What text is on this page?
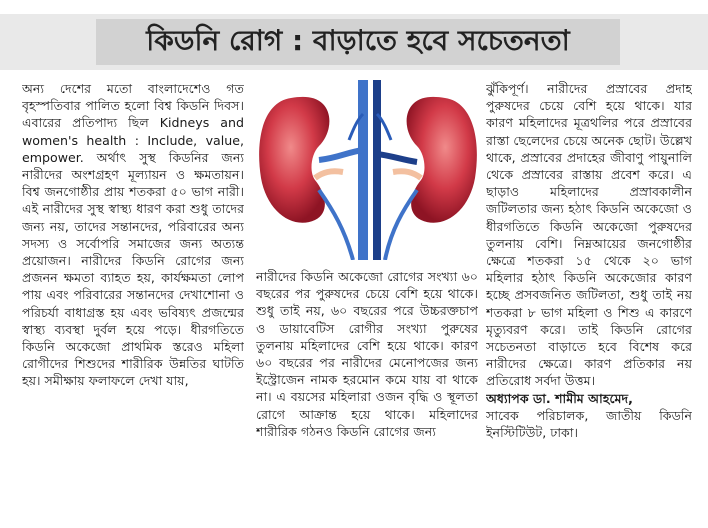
কিডনি রোগ : বাড়াতে হবে সচেতনতা

অন্য দেশের মতো বাংলাদেশেও গত বৃহস্পতিবার পালিত হলো বিশ্ব কিডনি দিবস। এবারের প্রতিপাদ্য ছিল Kidneys and women's health : Include, value, empower. অর্থাৎ সুস্থ কিডনির জন্য নারীদের অংশগ্রহণ মূল্যায়ন ও ক্ষমতায়ন। বিশ্ব জনগোষ্ঠীর প্রায় শতকরা ৫০ ভাগ নারী। এই নারীদের সুস্থ স্বাস্থ্য ধারণ করা শুধু তাদের জন্য নয়, তাদের সন্তানদের, পরিবারের অন্য সদস্য ও সর্বোপরি সমাজের জন্য অত্যন্ত প্রয়োজন। নারীদের কিডনি রোগের জন্য প্রজনন ক্ষমতা ব্যাহত হয়, কার্যক্ষমতা লোপ পায় এবং পরিবারের সন্তানদের দেখাশোনা ও পরিচর্যা বাধাগ্রস্ত হয় এবং ভবিষ্যৎ প্রজন্মের স্বাস্থ্য ব্যবস্থা দুর্বল হয়ে পড়ে। ধীরগতিতে কিডনি অকেজো প্রাথমিক স্তরেও মহিলা রোগীদের শিশুদের শারীরিক উন্নতির ঘাটতি হয়। সমীক্ষায় ফলাফলে দেখা যায়,

নারীদের কিডনি অকেজো রোগের সংখ্যা ৬০ বছরের পর পুরুষদের চেয়ে বেশি হয়ে থাকে। শুধু তাই নয়, ৬০ বছরের পরে উচ্চরক্তচাপ ও ডায়াবেটিস রোগীর সংখ্যা পুরুষের তুলনায় মহিলাদের বেশি হয়ে থাকে। কারণ ৬০ বছরের পর নারীদের মেনোপজের জন্য ইস্ট্রোজেন নামক হরমোন কমে যায় বা থাকে না। এ বয়সের মহিলারা ওজন বৃদ্ধি ও স্থূলতা রোগে আক্রান্ত হয়ে থাকে। মহিলাদের শারীরিক গঠনও কিডনি রোগের জন্য

ঝুঁকিপূর্ণ। নারীদের প্রস্রাবের প্রদাহ পুরুষদের চেয়ে বেশি হয়ে থাকে। যার কারণ মহিলাদের মূত্রথলির পরে প্রস্রাবের রাস্তা ছেলেদের চেয়ে অনেক ছোট। উল্লেখ থাকে, প্রস্রাবের প্রদাহের জীবাণু পায়ুনালি থেকে প্রস্রাবের রাস্তায় প্রবেশ করে। এ ছাড়াও মহিলাদের প্রস্রাবকালীন জটিলতার জন্য হঠাৎ কিডনি অকেজো ও ধীরগতিতে কিডনি অকেজো পুরুষদের তুলনায় বেশি। নিম্নআয়ের জনগোষ্ঠীর ক্ষেত্রে শতকরা ১৫ থেকে ২০ ভাগ মহিলার হঠাৎ কিডনি অকেজোর কারণ হচ্ছে প্রসবজনিত জটিলতা, শুধু তাই নয় শতকরা ৮ ভাগ মহিলা ও শিশু এ কারণে মৃত্যুবরণ করে। তাই কিডনি রোগের সচেতনতা বাড়াতে হবে বিশেষ করে নারীদের ক্ষেত্রে। কারণ প্রতিকার নয় প্রতিরোধ সর্বদা উত্তম।

অধ্যাপক ডা. শামীম আহমেদ,

সাবেক পরিচালক, জাতীয় কিডনি ইনস্টিটিউট, ঢাকা।
